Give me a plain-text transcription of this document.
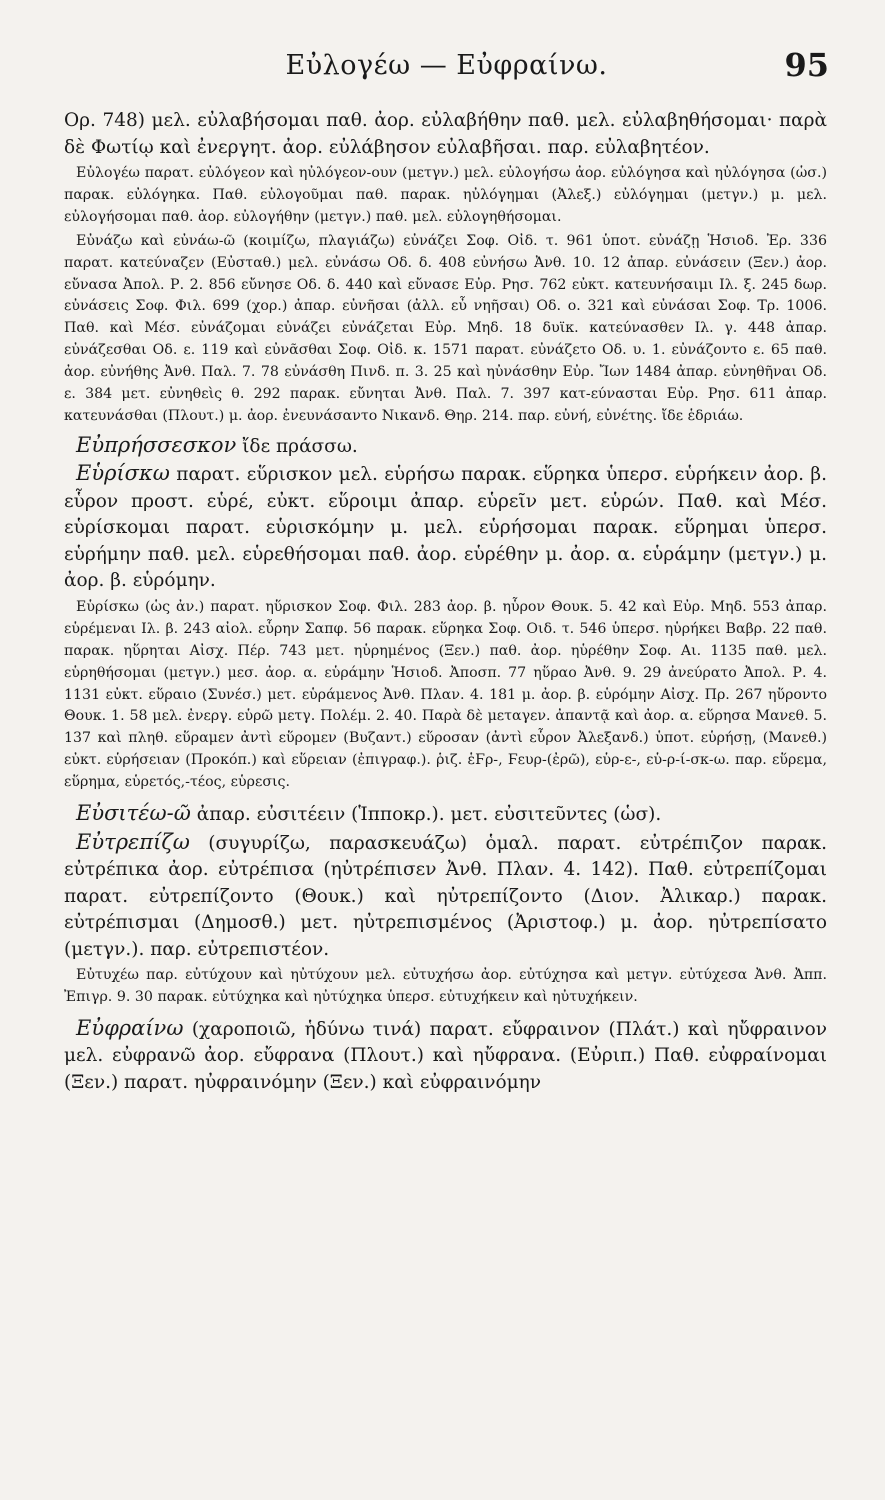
Εὐλογέω — Εὐφραίνω.	95

Ορ. 748) μελ. εὐλαβήσομαι παθ. ἀορ. εὐλαβήθην παθ. μελ. εὐλαβηθήσομαι· παρὰ δὲ Φωτίῳ καὶ ἐνεργητ. ἀορ. εὐλάβησον εὐλαβῆσαι. παρ. εὐλαβητέον.

Εὐλογέω παρατ. εὐλόγεον καὶ ηὐλόγεον-ουν (μετγν.) μελ. εὐλογήσω ἀορ. εὐλόγησα καὶ ηὐλόγησα (ὡσ.) παρακ. εὐλόγηκα. Παθ. εὐλογοῦμαι παθ. παρακ. ηὐλόγημαι (Ἀλεξ.) εὐλόγημαι (μετγν.) μ. μελ. εὐλογήσομαι παθ. ἀορ. εὐλογήθην (μετγν.) παθ. μελ. εὐλογηθήσομαι.

Εὐνάζω καὶ εὐνάω-ῶ (κοιμίζω, πλαγιάζω) εὐνάζει Σοφ. Οἰδ. τ. 961 ὑποτ. εὐνάζῃ Ἡσιοδ. Ἐρ. 336 παρατ. κατεύναζεν (Εὐσταθ.) μελ. εὐνάσω Οδ. δ. 408 εὐνήσω Ἀνθ. 10. 12 ἀπαρ. εὐνάσειν (Ξεν.) ἀορ. εὔνασα Ἀπολ. Ρ. 2. 856 εὔνησε Οδ. δ. 440 καὶ εὔνασε Εὐρ. Ρησ. 762 εὐκτ. κατευνήσαιμι Ιλ. ξ. 245 δωρ. εὐνάσεις Σοφ. Φιλ. 699 (χορ.) ἀπαρ. εὐνῆσαι (ἀλλ. εὖ νηῆσαι) Οδ. ο. 321 καὶ εὐνάσαι Σοφ. Τρ. 1006. Παθ. καὶ Μέσ. εὐνάζομαι εὐνάζει εὐνάζεται Εὐρ. Μηδ. 18 δυϊκ. κατεύνασθεν Ιλ. γ. 448 ἀπαρ. εὐνάζεσθαι Οδ. ε. 119 καὶ εὐνᾶσθαι Σοφ. Οἰδ. κ. 1571 παρατ. εὐνάζετο Οδ. υ. 1. εὐνάζοντο ε. 65 παθ. ἀορ. εὐνήθης Ἀνθ. Παλ. 7. 78 εὐνάσθη Πινδ. π. 3. 25 καὶ ηὐνάσθην Εὐρ. Ἴων 1484 ἀπαρ. εὐνηθῆναι Οδ. ε. 384 μετ. εὐνηθεὶς θ. 292 παρακ. εὔνηται Ἀνθ. Παλ. 7. 397 κατ-εύνασται Εὐρ. Ρησ. 611 ἀπαρ. κατευνάσθαι (Πλουτ.) μ. ἀορ. ἐνευνάσαντο Νικανδ. Θηρ. 214. παρ. εὐνή, εὐνέτης. ἴδε ἑδριάω.

Εὐπρήσσεσκον ἴδε πράσσω.

Εὑρίσκω παρατ. εὕρισκον μελ. εὑρήσω παρακ. εὕρηκα ὑπερσ. εὑρήκειν ἀορ. β. εὗρον προστ. εὑρέ, εὐκτ. εὕροιμι ἀπαρ. εὑρεῖν μετ. εὑρών. Παθ. καὶ Μέσ. εὑρίσκομαι παρατ. εὑρισκόμην μ. μελ. εὑρήσομαι παρακ. εὕρημαι ὑπερσ. εὑρήμην παθ. μελ. εὑρεθήσομαι παθ. ἀορ. εὑρέθην μ. ἀορ. α. εὑράμην (μετγν.) μ. ἀορ. β. εὑρόμην.

Εὑρίσκω (ὡς ἀν.) παρατ. ηὕρισκον Σοφ. Φιλ. 283 ἀορ. β. ηὗρον Θουκ. 5. 42 καὶ Εὐρ. Μηδ. 553 ἀπαρ. εὑρέμεναι Ιλ. β. 243 αἰολ. εὗρην Σαπφ. 56 παρακ. εὕρηκα Σοφ. Οιδ. τ. 546 ὑπερσ. ηὑρήκει Βαβρ. 22 παθ. παρακ. ηὕρηται Αἰσχ. Πέρ. 743 μετ. ηὑρημένος (Ξεν.) παθ. ἀορ. ηὑρέθην Σοφ. Αι. 1135 παθ. μελ. εὑρηθήσομαι (μετγν.) μεσ. ἀορ. α. εὑράμην Ἡσιοδ. Ἀποσπ. 77 ηὕραο Ἀνθ. 9. 29 ἀνεύρατο Ἀπολ. Ρ. 4. 1131 εὐκτ. εὕραιο (Συνέσ.) μετ. εὑράμενος Ἀνθ. Πλαν. 4. 181 μ. ἀορ. β. εὑρόμην Αἰσχ. Πρ. 267 ηὕροντο Θουκ. 1. 58 μελ. ἐνεργ. εὑρῶ μετγ. Πολέμ. 2. 40. Παρὰ δὲ μεταγεν. ἀπαντᾷ καὶ ἀορ. α. εὕρησα Μανεθ. 5. 137 καὶ πληθ. εὕραμεν ἀντὶ εὕρομεν (Βυζαντ.) εὕροσαν (ἀντὶ εὗρον Ἀλεξανδ.) ὑποτ. εὑρήσῃ, (Μανεθ.) εὐκτ. εὑρήσειαν (Προκόπ.) καὶ εὕρειαν (ἐπιγραφ.). ῥιζ. ἑϜρ-, Ϝευρ-(ἐρῶ), εὑρ-ε-, εὑ-ρ-ί-σκ-ω. παρ. εὕρεμα, εὕρημα, εὑρετός,-τέος, εὑρεσις.

Εὐσιτέω-ῶ ἀπαρ. εὐσιτέειν (Ἱπποκρ.). μετ. εὐσιτεῦντες (ὡσ).

Εὐτρεπίζω (συγυρίζω, παρασκευάζω) ὁμαλ. παρατ. εὐτρέπιζον παρακ. εὐτρέπικα ἀορ. εὐτρέπισα (ηὐτρέπισεν Ἀνθ. Πλαν. 4. 142). Παθ. εὐτρεπίζομαι παρατ. εὐτρεπίζοντο (Θουκ.) καὶ ηὐτρεπίζοντο (Διον. Ἀλικαρ.) παρακ. εὐτρέπισμαι (Δημοσθ.) μετ. ηὐτρεπισμένος (Ἀριστοφ.) μ. ἀορ. ηὐτρεπίσατο (μετγν.). παρ. εὐτρεπιστέον.

Εὐτυχέω παρ. εὐτύχουν καὶ ηὐτύχουν μελ. εὐτυχήσω ἀορ. εὐτύχησα καὶ μετγν. εὐτύχεσα Ἀνθ. Ἀππ. Ἐπιγρ. 9. 30 παρακ. εὐτύχηκα καὶ ηὐτύχηκα ὑπερσ. εὐτυχήκειν καὶ ηὐτυχήκειν.

Εὐφραίνω (χαροποιῶ, ἡδύνω τινά) παρατ. εὔφραινον (Πλάτ.) καὶ ηὔφραινον μελ. εὐφρανῶ ἀορ. εὔφρανα (Πλουτ.) καὶ ηὔφρανα. (Εὐριπ.) Παθ. εὐφραίνομαι (Ξεν.) παρατ. ηὐφραινόμην (Ξεν.) καὶ εὐφραινόμην
